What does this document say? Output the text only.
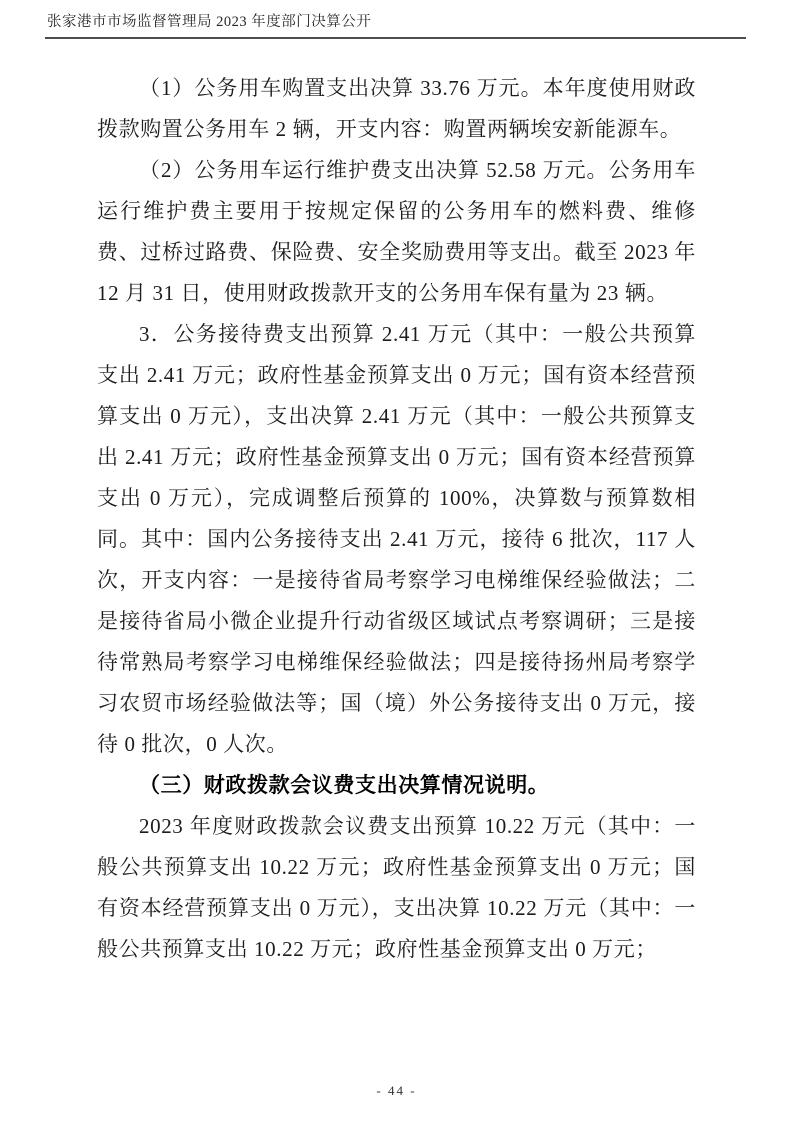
张家港市市场监督管理局 2023 年度部门决算公开

（1）公务用车购置支出决算 33.76 万元。本年度使用财政拨款购置公务用车 2 辆，开支内容：购置两辆埃安新能源车。

（2）公务用车运行维护费支出决算 52.58 万元。公务用车运行维护费主要用于按规定保留的公务用车的燃料费、维修费、过桥过路费、保险费、安全奖励费用等支出。截至 2023 年 12 月 31 日，使用财政拨款开支的公务用车保有量为 23 辆。

3．公务接待费支出预算 2.41 万元（其中：一般公共预算支出 2.41 万元；政府性基金预算支出 0 万元；国有资本经营预算支出 0 万元），支出决算 2.41 万元（其中：一般公共预算支出 2.41 万元；政府性基金预算支出 0 万元；国有资本经营预算支出 0 万元），完成调整后预算的 100%，决算数与预算数相同。其中：国内公务接待支出 2.41 万元，接待 6 批次，117 人次，开支内容：一是接待省局考察学习电梯维保经验做法；二是接待省局小微企业提升行动省级区域试点考察调研；三是接待常熟局考察学习电梯维保经验做法；四是接待扬州局考察学习农贸市场经验做法等；国（境）外公务接待支出 0 万元，接待 0 批次，0 人次。

（三）财政拨款会议费支出决算情况说明。

2023 年度财政拨款会议费支出预算 10.22 万元（其中：一般公共预算支出 10.22 万元；政府性基金预算支出 0 万元；国有资本经营预算支出 0 万元），支出决算 10.22 万元（其中：一般公共预算支出 10.22 万元；政府性基金预算支出 0 万元；

- 44 -
